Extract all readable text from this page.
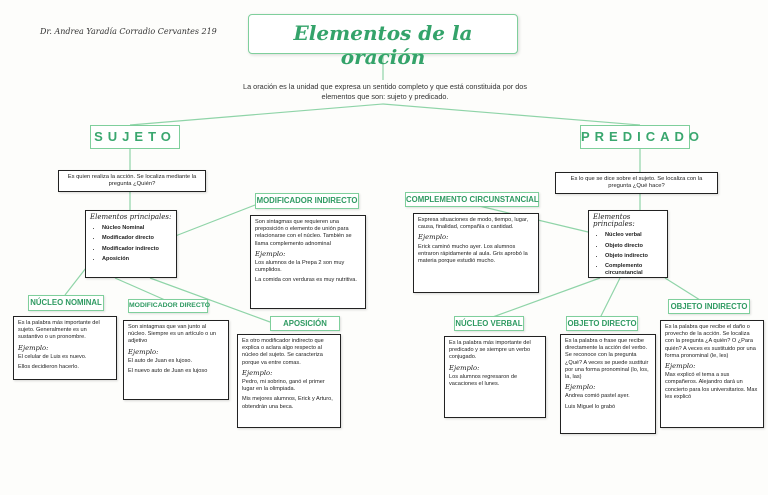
Dr. Andrea Yaradía Corradio Cervantes 219	Elementos de la oración
La oración es la unidad que expresa un sentido completo y que está constituida por dos elementos que son: sujeto y predicado.
SUJETO
Es quien realiza la acción. Se localiza mediante la pregunta ¿Quién?
Elementos principales:
• Núcleo Nominal
• Modificador directo
• Modificador indirecto
• Aposición
PREDICADO
Es lo que se dice sobre el sujeto. Se localiza con la pregunta ¿Qué hace?
Elementos principales:
• Núcleo verbal
• Objeto directo
• Objeto indirecto
• Complemento circunstancial
MODIFICADOR INDIRECTO

Son sintagmas que requieren una preposición o elemento de unión para relacionarse con el núcleo. También se llama complemento adnominal

Ejemplo:

Los alumnos de la Prepa 2 son muy cumplidos.

La comida con verduras es muy nutritiva.

NÚCLEO NOMINAL

Es la palabra más importante del sujeto. Generalmente es un sustantivo o un pronombre.

Ejemplo:

El celular de Luis es nuevo.

Ellos decidieron hacerlo.

MODIFICADOR DIRECTO

Son sintagmas que van junto al núcleo. Siempre es un artículo o un adjetivo

Ejemplo:

El auto de Juan es lujoso.

El nuevo auto de Juan es lujoso

APOSICIÓN

Es otro modificador indirecto que explica o aclara algo respecto al núcleo del sujeto. Se caracteriza porque va entre comas.

Ejemplo:

Pedro, mi sobrino, ganó el primer lugar en la olimpiada.

Mis mejores alumnos, Erick y Arturo, obtendrán una beca.

COMPLEMENTO CIRCUNSTANCIAL

Expresa situaciones de modo, tiempo, lugar, causa, finalidad, compañía o cantidad.

Ejemplo:

Erick caminó mucho ayer. Los alumnos entraron rápidamente al aula. Gris aprobó la materia porque estudió mucho.

NÚCLEO VERBAL

Es la palabra más importante del predicado y se siempre un verbo conjugado.

Ejemplo:

Los alumnos regresaron de vacaciones el lunes.

OBJETO DIRECTO

Es la palabra o frase que recibe directamente la acción del verbo. Se reconoce con la pregunta ¿Qué? A veces se puede sustituir por una forma pronominal (lo, los, la, las)

Ejemplo:

Andrea comió pastel ayer.

Luis Miguel lo grabó

OBJETO INDIRECTO

Es la palabra que recibe el daño o provecho de la acción. Se localiza con la pregunta ¿A quién? O ¿Para quién? A veces es sustituido por una forma pronominal (le, les)

Ejemplo:

Max explicó el tema a sus compañeros. Alejandro dará un concierto para los universitarios. Max les explicó
